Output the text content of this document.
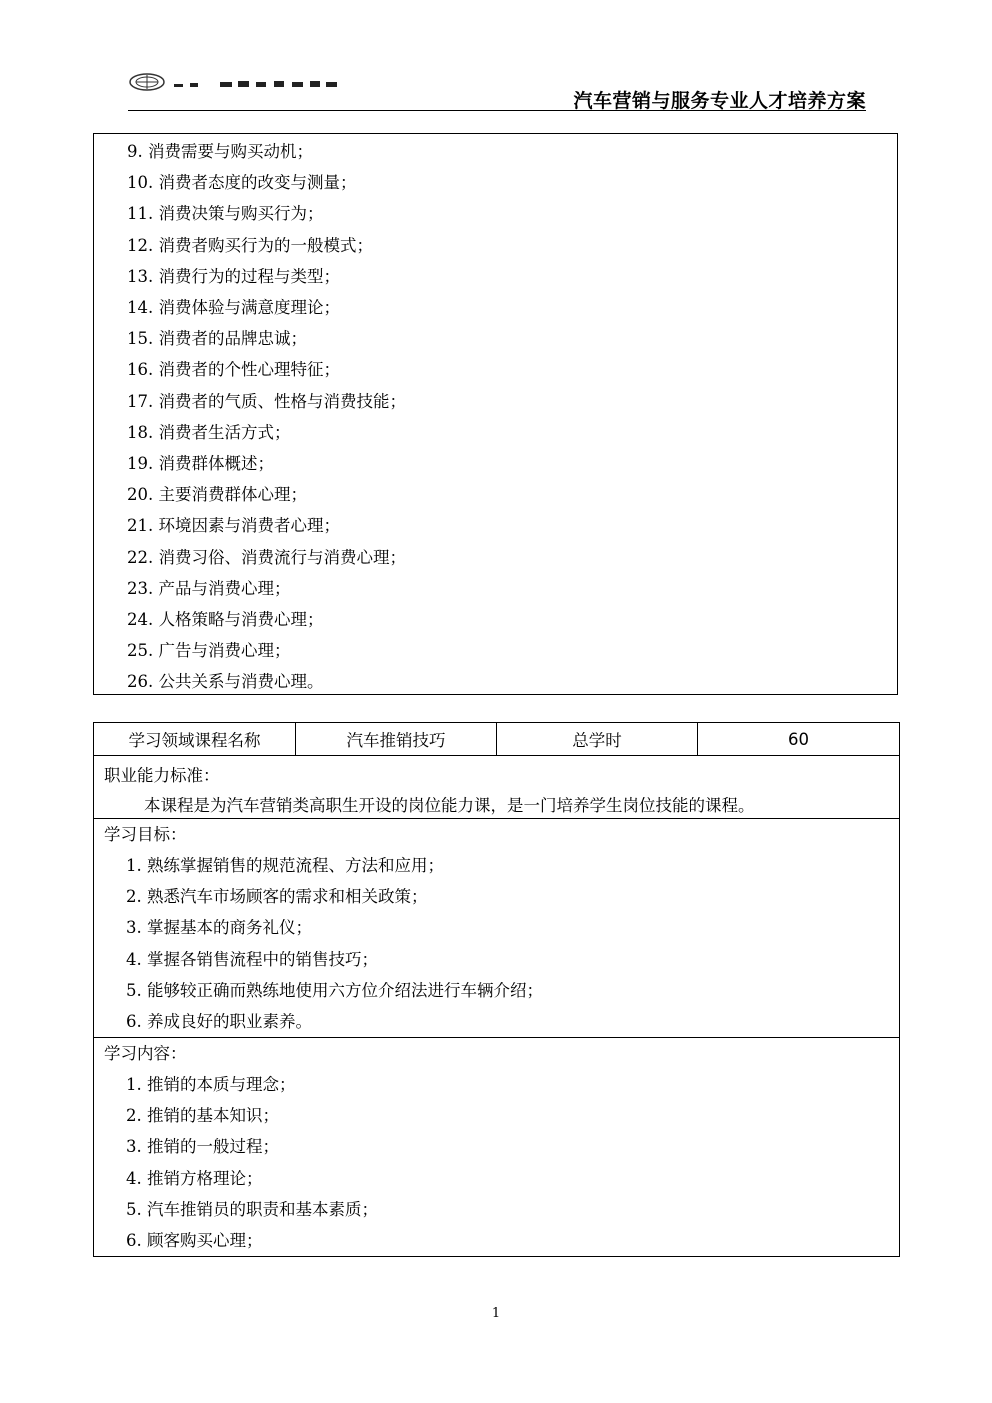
汽车营销与服务专业人才培养方案
9. 消费需要与购买动机；
10. 消费者态度的改变与测量；
11. 消费决策与购买行为；
12. 消费者购买行为的一般模式；
13. 消费行为的过程与类型；
14. 消费体验与满意度理论；
15. 消费者的品牌忠诚；
16. 消费者的个性心理特征；
17. 消费者的气质、性格与消费技能；
18. 消费者生活方式；
19. 消费群体概述；
20. 主要消费群体心理；
21. 环境因素与消费者心理；
22. 消费习俗、消费流行与消费心理；
23. 产品与消费心理；
24. 人格策略与消费心理；
25. 广告与消费心理；
26. 公共关系与消费心理。
学习领域课程名称	汽车推销技巧	总学时	60

职业能力标准：
本课程是为汽车营销类高职生开设的岗位能力课，是一门培养学生岗位技能的课程。

学习目标：
1. 熟练掌握销售的规范流程、方法和应用；
2. 熟悉汽车市场顾客的需求和相关政策；
3. 掌握基本的商务礼仪；
4. 掌握各销售流程中的销售技巧；
5. 能够较正确而熟练地使用六方位介绍法进行车辆介绍；
6. 养成良好的职业素养。

学习内容：
1. 推销的本质与理念；
2. 推销的基本知识；
3. 推销的一般过程；
4. 推销方格理论；
5. 汽车推销员的职责和基本素质；
6. 顾客购买心理；
1
